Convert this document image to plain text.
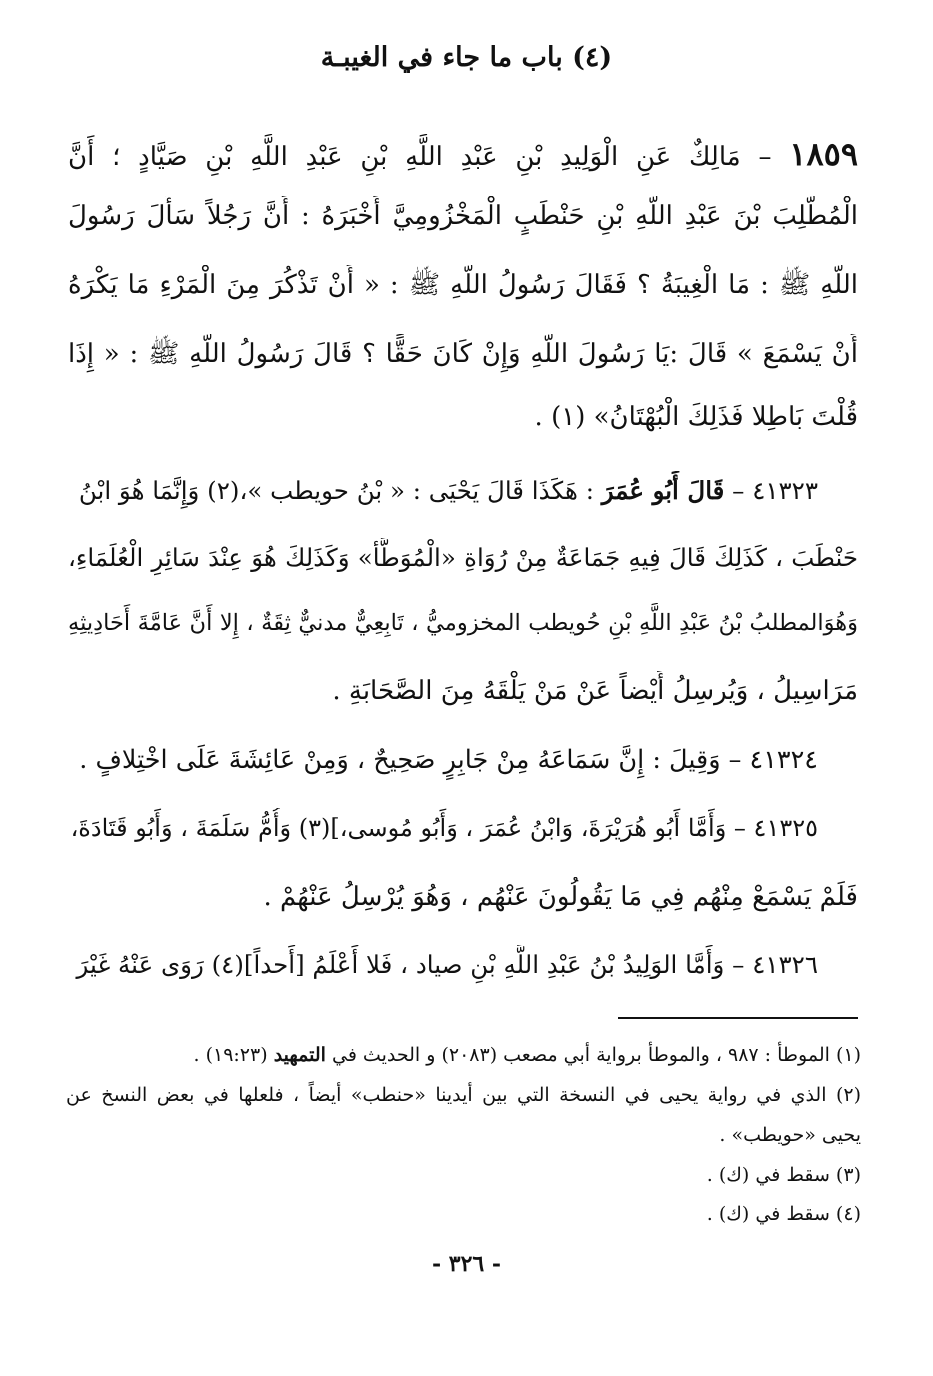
(٤) باب ما جاء في الغيبـة
١٨٥٩ – مَالِكٌ عَنِ الْوَلِيدِ بْنِ عَبْدِ اللَّهِ بْنِ عَبْدِ اللَّهِ بْنِ صَيَّادٍ ؛ أَنَّ
الْمُطَّلِبَ بْنَ عَبْدِ اللَّهِ بْنِ حَنْطَبٍ الْمَخْزُومِيَّ أَخْبَرَهُ : أَنَّ رَجُلاً سَأَلَ رَسُولَ
اللَّهِ ﷺ : مَا الْغِيبَةُ ؟ فَقَالَ رَسُولُ اللَّهِ ﷺ : « أَنْ تَذْكُرَ مِنَ الْمَرْءِ مَا يَكْرَهُ
أَنْ يَسْمَعَ » قَالَ :يَا رَسُولَ اللَّهِ وَإِنْ كَانَ حَقًّا ؟ قَالَ رَسُولُ اللَّهِ ﷺ : « إِذَا
قُلْتَ بَاطِلا فَذَلِكَ الْبُهْتَانُ» (١) .
٤١٣٢٣ – قَالَ أَبُو عُمَرَ : هَكَذَا قَالَ يَحْيَى : « بْنُ حويطب »،(٢) وَإِنَّمَا هُوَ ابْنُ
حَنْطَبَ ، كَذَلِكَ قَالَ فِيهِ جَمَاعَةٌ مِنْ رُوَاةِ «الْمُوَطَّأ» وَكَذَلِكَ هُوَ عِنْدَ سَائِرِ الْعُلَمَاءِ،
وَهُوَالمطلبُ بْنُ عَبْدِ اللَّهِ بْنِ حُويطب المخزوميُّ ، تَابِعِيٌّ مدنيٌّ ثِقَةٌ ، إِلا أَنَّ عَامَّةَ أَحَادِيثِهِ
مَرَاسِيلُ ، وَيُرسِلُ أَيْضاً عَنْ مَنْ يَلْقَهُ مِنَ الصَّحَابَةِ .
٤١٣٢٤ – وَقِيلَ : إِنَّ سَمَاعَهُ مِنْ جَابِرٍ صَحِيحٌ ، وَمِنْ عَائِشَةَ عَلَى اخْتِلافٍ .
٤١٣٢٥ – وَأَمَّا أَبُو هُرَيْرَةَ، وَابْنُ عُمَرَ ، وَأَبُو مُوسى،](٣) وَأُمُّ سَلَمَةَ ، وَأَبُو قَتَادَةَ،
فَلَمْ يَسْمَعْ مِنْهُم فِي مَا يَقُولُونَ عَنْهُم ، وَهُوَ يُرْسِلُ عَنْهُمْ .
٤١٣٢٦ – وَأَمَّا الوَلِيدُ بْنُ عَبْدِ اللَّهِ بْنِ صياد ، فَلا أَعْلَمُ [أَحداً](٤) رَوَى عَنْهُ غَيْرَ
(١) الموطأ : ٩٨٧ ، والموطأ برواية أبي مصعب (٢٠٨٣) و الحديث في التمهيد (١٩:٢٣) .
(٢) الذي في رواية يحيى في النسخة التي بين أيدينا «حنطب» أيضاً ، فلعلها في بعض النسخ عن
يحيى «حويطب» .
(٣) سقط في (ك) .
(٤) سقط في (ك) .
- ٣٢٦ -
